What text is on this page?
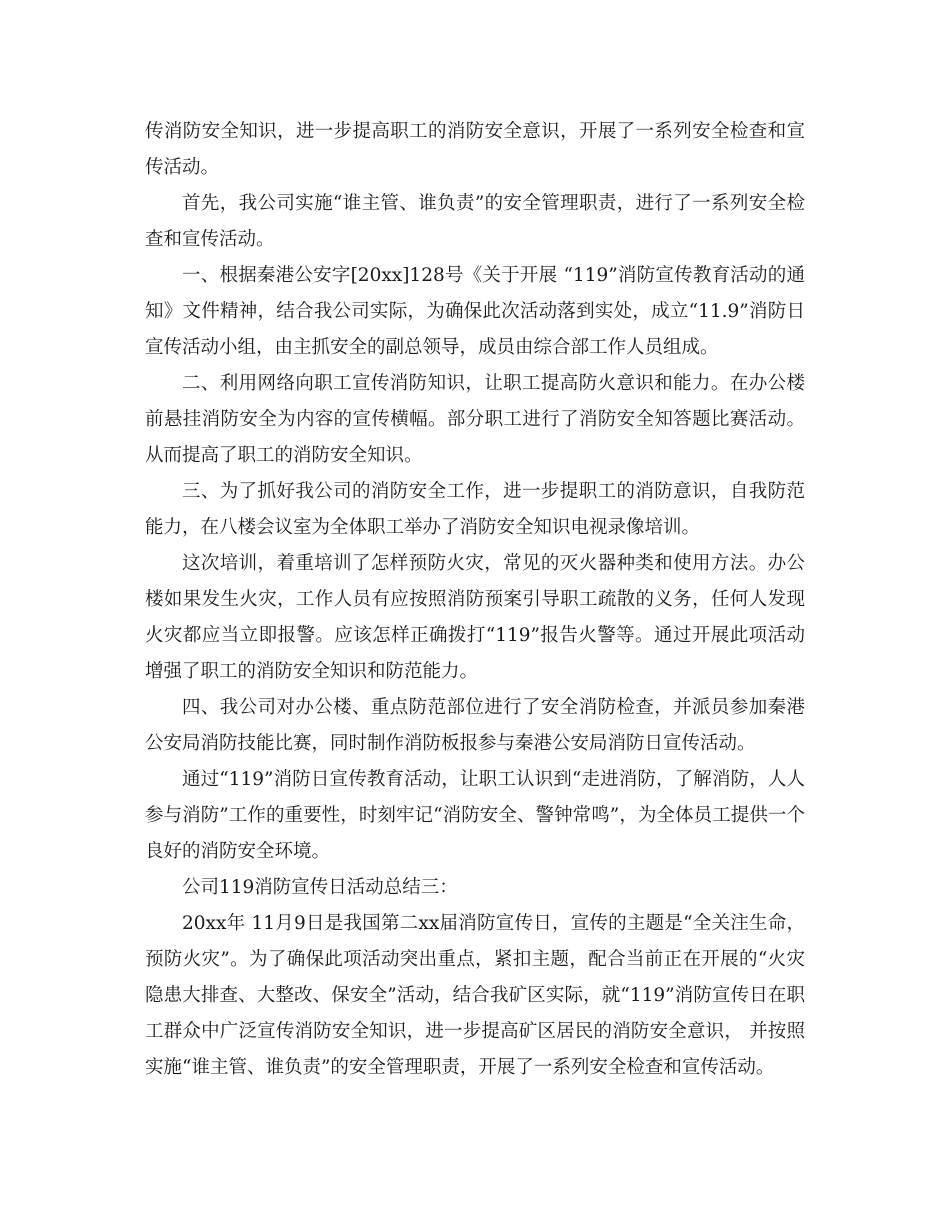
传消防安全知识，进一步提高职工的消防安全意识，开展了一系列安全检查和宣传活动。

首先，我公司实施“谁主管、谁负责”的安全管理职责，进行了一系列安全检查和宣传活动。

一、根据秦港公安字[20xx]128号《关于开展 “119”消防宣传教育活动的通知》文件精神，结合我公司实际，为确保此次活动落到实处，成立“11.9”消防日宣传活动小组，由主抓安全的副总领导，成员由综合部工作人员组成。

二、利用网络向职工宣传消防知识，让职工提高防火意识和能力。在办公楼前悬挂消防安全为内容的宣传横幅。部分职工进行了消防安全知答题比赛活动。从而提高了职工的消防安全知识。

三、为了抓好我公司的消防安全工作，进一步提职工的消防意识，自我防范能力，在八楼会议室为全体职工举办了消防安全知识电视录像培训。

这次培训，着重培训了怎样预防火灾，常见的灭火器种类和使用方法。办公楼如果发生火灾，工作人员有应按照消防预案引导职工疏散的义务，任何人发现火灾都应当立即报警。应该怎样正确拨打“119”报告火警等。通过开展此项活动增强了职工的消防安全知识和防范能力。

四、我公司对办公楼、重点防范部位进行了安全消防检查，并派员参加秦港公安局消防技能比赛，同时制作消防板报参与秦港公安局消防日宣传活动。

通过“119”消防日宣传教育活动，让职工认识到“走进消防，了解消防，人人参与消防”工作的重要性，时刻牢记“消防安全、警钟常鸣”，为全体员工提供一个良好的消防安全环境。

公司119消防宣传日活动总结三：

20xx年 11月9日是我国第二xx届消防宣传日，宣传的主题是“全关注生命，预防火灾”。为了确保此项活动突出重点，紧扣主题，配合当前正在开展的“火灾隐患大排查、大整改、保安全”活动，结合我矿区实际，就“119”消防宣传日在职工群众中广泛宣传消防安全知识，进一步提高矿区居民的消防安全意识， 并按照实施“谁主管、谁负责”的安全管理职责，开展了一系列安全检查和宣传活动。
